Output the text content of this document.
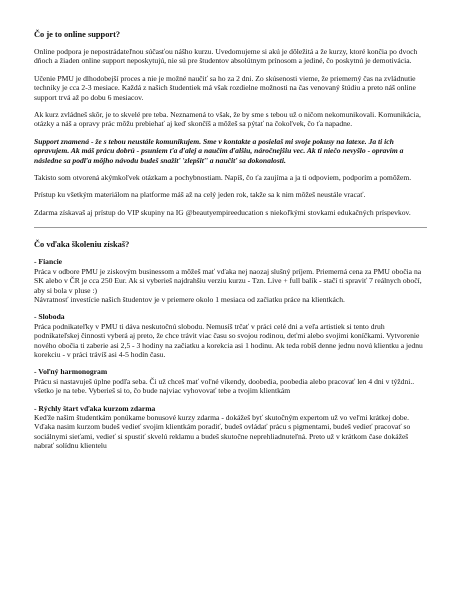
Čo je to online support?

Online podpora je nepostrádateľnou súčasťou nášho kurzu. Uvedomujeme si akú je dôležitá a že kurzy, ktoré končia po dvoch dňoch a žiaden online support neposkytujú, nie sú pre študentov absolútnym prínosom a jediné, čo poskytnú je demotivácia.

Učenie PMU je dlhodobejší proces a nie je možné naučiť sa ho za 2 dni. Zo skúsenosti vieme, že priemerný čas na zvládnutie techniky je cca 2-3 mesiace. Každá z našich študentiek má však rozdielne možnosti na čas venovaný štúdiu a preto náš online support trvá až po dobu 6 mesiacov.

Ak kurz zvládneš skôr, je to skvelé pre teba. Neznamená to však, že by sme s tebou už o ničom nekomunikovali. Komunikácia, otázky a náš a opravy prác môžu prebiehať aj keď skončíš a môžeš sa pýtať na čokoľvek, čo ťa napadne.

Support znamená - že s tebou neustále komunikujem. Sme v kontakte a posielaš mi svoje pokusy na latexe. Ja ti ich opravujem. Ak máš prácu dobrú - psuniem ťa ďalej a naučím ďalšiu, náročnejšiu vec. Ak ti niečo nevyšlo - opravím a následne sa podľa môjho návodu budeš snažiť 'zlepšiť' a naučiť sa dokonalosti.

Takisto som otvorená akýmkoľvek otázkam a pochybnostiam. Napíš, čo ťa zaujíma a ja ti odpoviem, podporím a pomôžem.

Prístup ku všetkým materiálom na platforme máš až na celý jeden rok, takže sa k nim môžeš neustále vracať.

Zdarma získavaš aj prístup do VIP skupiny na IG @beautyempireeducation s niekoľkými stovkami edukačných príspevkov.

Čo vďaka školeniu získaš?

- Fiancie

Práca v odbore PMU je ziskovým businessom a môžeš mať vďaka nej naozaj slušný príjem. Priemerná cena za PMU obočia na SK alebo v ČR je cca 250 Eur. Ak si vyberieš najdrahšiu verziu kurzu - Tzn. Live + full balík - stačí ti spraviť 7 reálnych obočí, aby si bola v pluse :)

Návratnosť investície našich študentov je v priemere okolo 1 mesiaca od začiatku práce na klientkách.

- Sloboda

Práca podnikateľky v PMU ti dáva neskutočnú slobodu. Nemusíš trčať v práci celé dni a veľa artistiek si tento druh podnikateľskej činnosti vyberá aj preto, že chce trávit viac času so svojou rodinou, deťmi alebo svojimi koníčkami. Vytvorenie nového obočia ti zaberie asi 2,5 - 3 hodiny na začiatku a korekcia asi 1 hodinu. Ak teda robíš denne jednu novú klientku a jednu korekciu - v práci trávíš asi 4-5 hodín času.

- Voľný harmonogram

Prácu si nastavuješ úplne podľa seba. Či už chceš mať voľné víkendy, doobedia, poobedia alebo pracovať len 4 dni v týždni.. všetko je na tebe. Vyberieš si to, čo bude najviac vyhovovať tebe a tvojim klientkám

- Rýchly štart vďaka kurzom zdarma

Keďže našim študentkám ponúkame bonusové kurzy zdarma - dokážeš byť skutočným expertom už vo veľmi krátkej dobe. Vďaka nasim kurzom budeš vedieť svojim klientkám poradiť, budeš ovládať prácu s pigmentami, budeš vedieť pracovať so sociálnymi sieťami, vedieť si spustiť skvelú reklamu a budeš skutočne neprehliadnuteľná. Preto už v krátkom čase dokážeš nabrať solídnu klientelu
